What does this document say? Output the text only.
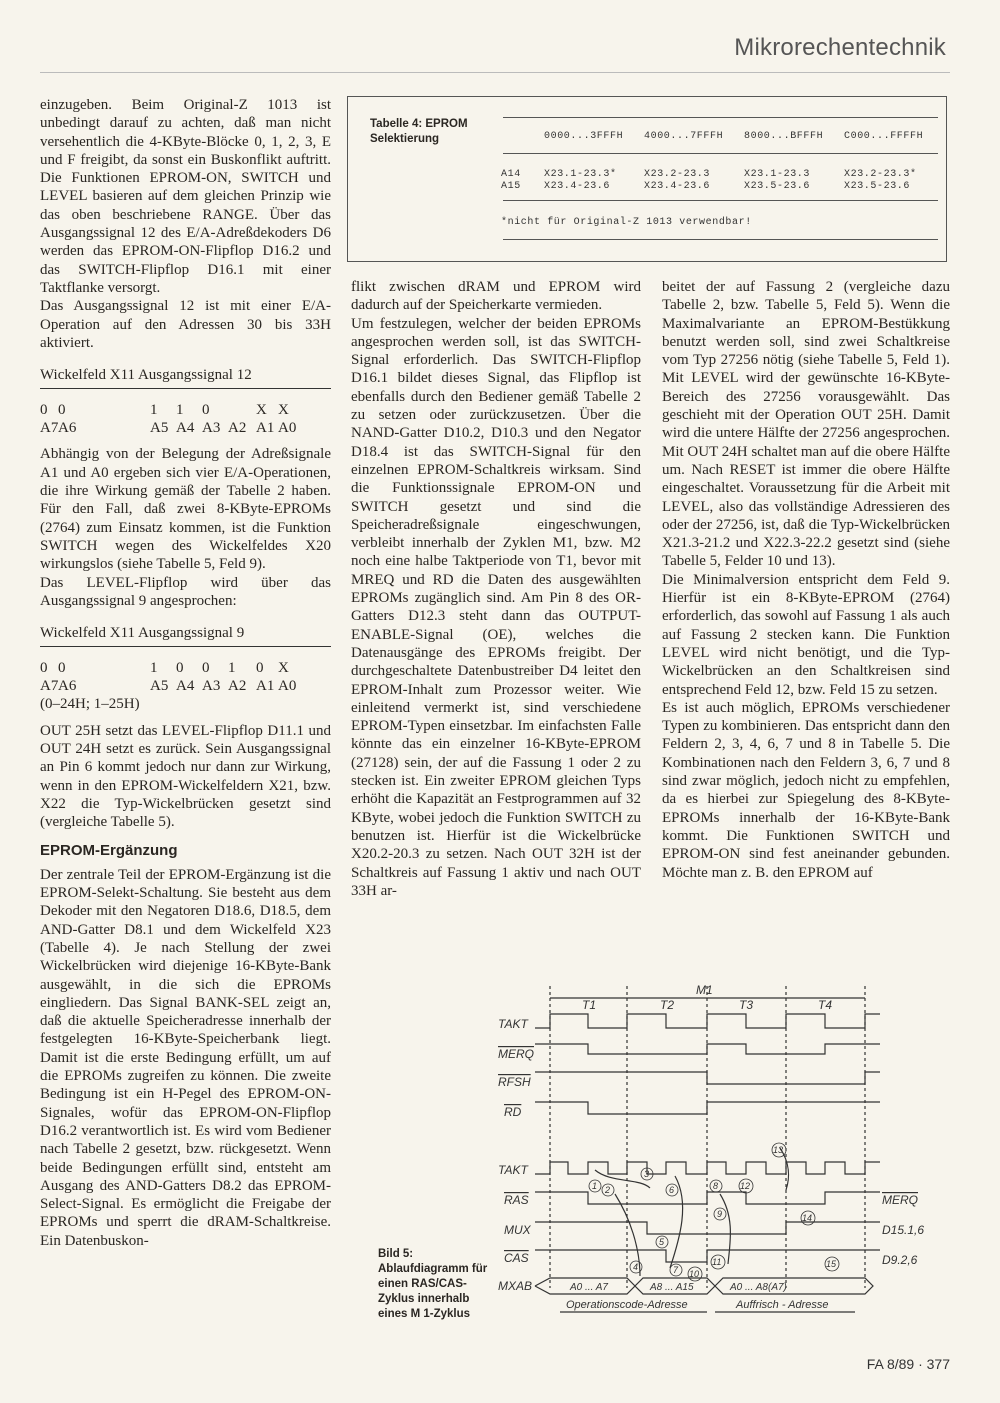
Mikrorechentechnik

einzugeben. Beim Original-Z 1013 ist unbedingt darauf zu achten, daß man nicht versehentlich die 4-KByte-Blöcke 0, 1, 2, 3, E und F freigibt, da sonst ein Buskonflikt auftritt. Die Funktionen EPROM-ON, SWITCH und LEVEL basieren auf dem gleichen Prinzip wie das oben beschriebene RANGE. Über das Ausgangssignal 12 des E/A-Adreßdekoders D6 werden das EPROM-ON-Flipflop D16.2 und das SWITCH-Flipflop D16.1 mit einer Taktflanke versorgt.

Das Ausgangssignal 12 ist mit einer E/A-Operation auf den Adressen 30 bis 33H aktiviert.

Wickelfeld X11 Ausgangssignal 12
0 0	1	1	0	X X
A7 A6	A5 A4 A3 A2 A1 A0

Abhängig von der Belegung der Adreßsignale A1 und A0 ergeben sich vier E/A-Operationen, die ihre Wirkung gemäß der Tabelle 2 haben. Für den Fall, daß zwei 8-KByte-EPROMs (2764) zum Einsatz kommen, ist die Funktion SWITCH wegen des Wickelfeldes X20 wirkungslos (siehe Tabelle 5, Feld 9).

Das LEVEL-Flipflop wird über das Ausgangssignal 9 angesprochen:

Wickelfeld X11 Ausgangssignal 9
0 0	1	0	0	1	0 X
A7 A6	A5 A4 A3 A2 A1 A0

(0–24H; 1–25H)

OUT 25H setzt das LEVEL-Flipflop D11.1 und OUT 24H setzt es zurück. Sein Ausgangssignal an Pin 6 kommt jedoch nur dann zur Wirkung, wenn in den EPROM-Wickelfeldern X21, bzw. X22 die Typ-Wickelbrücken gesetzt sind (vergleiche Tabelle 5).

EPROM-Ergänzung

Der zentrale Teil der EPROM-Ergänzung ist die EPROM-Selekt-Schaltung. Sie besteht aus dem Dekoder mit den Negatoren D18.6, D18.5, dem AND-Gatter D8.1 und dem Wickelfeld X23 (Tabelle 4). Je nach Stellung der zwei Wickelbrücken wird diejenige 16-KByte-Bank ausgewählt, in die sich die EPROMs eingliedern. Das Signal BANK-SEL zeigt an, daß die aktuelle Speicheradresse innerhalb der festgelegten 16-KByte-Speicherbank liegt. Damit ist die erste Bedingung erfüllt, um auf die EPROMs zugreifen zu können. Die zweite Bedingung ist ein H-Pegel des EPROM-ON-Signales, wofür das EPROM-ON-Flipflop D16.2 verantwortlich ist. Es wird vom Bediener nach Tabelle 2 gesetzt, bzw. rückgesetzt. Wenn beide Bedingungen erfüllt sind, entsteht am Ausgang des AND-Gatters D8.2 das EPROM-Select-Signal. Es ermöglicht die Freigabe der EPROMs und sperrt die dRAM-Schaltkreise. Ein Datenbuskon-

Tabelle 4: EPROM Selektierung	0000...3FFFH 4000...7FFFH 8000...BFFFH C000...FFFFH
A14 X23.1-23.3*	X23.2-23.3	X23.1-23.3	X23.2-23.3*
A15 X23.4-23.6	X23.4-23.6	X23.5-23.6	X23.5-23.6
*nicht für Original-Z 1013 verwendbar!

flikt zwischen dRAM und EPROM wird dadurch auf der Speicherkarte vermieden.

Um festzulegen, welcher der beiden EPROMs angesprochen werden soll, ist das SWITCH-Signal erforderlich. Das SWITCH-Flipflop D16.1 bildet dieses Signal, das Flipflop ist ebenfalls durch den Bediener gemäß Tabelle 2 zu setzen oder zurückzusetzen. Über die NAND-Gatter D10.2, D10.3 und den Negator D18.4 ist das SWITCH-Signal für den einzelnen EPROM-Schaltkreis wirksam. Sind die Funktionssignale EPROM-ON und SWITCH gesetzt und sind die Speicheradreßsignale eingeschwungen, verbleibt innerhalb der Zyklen M1, bzw. M2 noch eine halbe Taktperiode von T1, bevor mit MREQ und RD die Daten des ausgewählten EPROMs zugänglich sind. Am Pin 8 des OR-Gatters D12.3 steht dann das OUTPUT-ENABLE-Signal (OE), welches die Datenausgänge des EPROMs freigibt. Der durchgeschaltete Datenbustreiber D4 leitet den EPROM-Inhalt zum Prozessor weiter. Wie einleitend vermerkt ist, sind verschiedene EPROM-Typen einsetzbar. Im einfachsten Falle könnte das ein einzelner 16-KByte-EPROM (27128) sein, der auf die Fassung 1 oder 2 zu stecken ist. Ein zweiter EPROM gleichen Typs erhöht die Kapazität an Festprogrammen auf 32 KByte, wobei jedoch die Funktion SWITCH zu benutzen ist. Hierfür ist die Wickelbrücke X20.2-20.3 zu setzen. Nach OUT 32H ist der Schaltkreis auf Fassung 1 aktiv und nach OUT 33H ar-

beitet der auf Fassung 2 (vergleiche dazu Tabelle 2, bzw. Tabelle 5, Feld 5). Wenn die Maximalvariante an EPROM-Bestükkung benutzt werden soll, sind zwei Schaltkreise vom Typ 27256 nötig (siehe Tabelle 5, Feld 1). Mit LEVEL wird der gewünschte 16-KByte-Bereich des 27256 vorausgewählt. Das geschieht mit der Operation OUT 25H. Damit wird die untere Hälfte der 27256 angesprochen. Mit OUT 24H schaltet man auf die obere Hälfte um. Nach RESET ist immer die obere Hälfte eingeschaltet. Voraussetzung für die Arbeit mit LEVEL, also das vollständige Adressieren des oder der 27256, ist, daß die Typ-Wickelbrücken X21.3-21.2 und X22.3-22.2 gesetzt sind (siehe Tabelle 5, Felder 10 und 13).

Die Minimalversion entspricht dem Feld 9. Hierfür ist ein 8-KByte-EPROM (2764) erforderlich, das sowohl auf Fassung 1 als auch auf Fassung 2 stecken kann. Die Funktion LEVEL wird nicht benötigt, und die Typ-Wickelbrücken an den Schaltkreisen sind entsprechend Feld 12, bzw. Feld 15 zu setzen.

Es ist auch möglich, EPROMs verschiedener Typen zu kombinieren. Das entspricht dann den Feldern 2, 3, 4, 6, 7 und 8 in Tabelle 5. Die Kombinationen nach den Feldern 3, 6, 7 und 8 sind zwar möglich, jedoch nicht zu empfehlen, da es hierbei zur Spiegelung des 8-KByte-EPROMs innerhalb der 16-KByte-Bank kommt. Die Funktionen SWITCH und EPROM-ON sind fest aneinander gebunden. Möchte man z. B. den EPROM auf

M1
T1	T2	T3	T4
TAKT
MERQ
RFSH
RD
TAKT
RAS
MUX
CAS
MXAB
MERQ
D15.1,6
D9.2,6
A0 ... A7	A8 ... A15	A0 ... A8(A7)
Operationscode-Adresse	Auffrisch - Adresse
1 2
3
4
5
6
7
8
9
10
11
12
13
14
15
Bild 5: Ablaufdiagramm für einen RAS/CAS-Zyklus innerhalb eines M 1-Zyklus
FA 8/89 · 377
